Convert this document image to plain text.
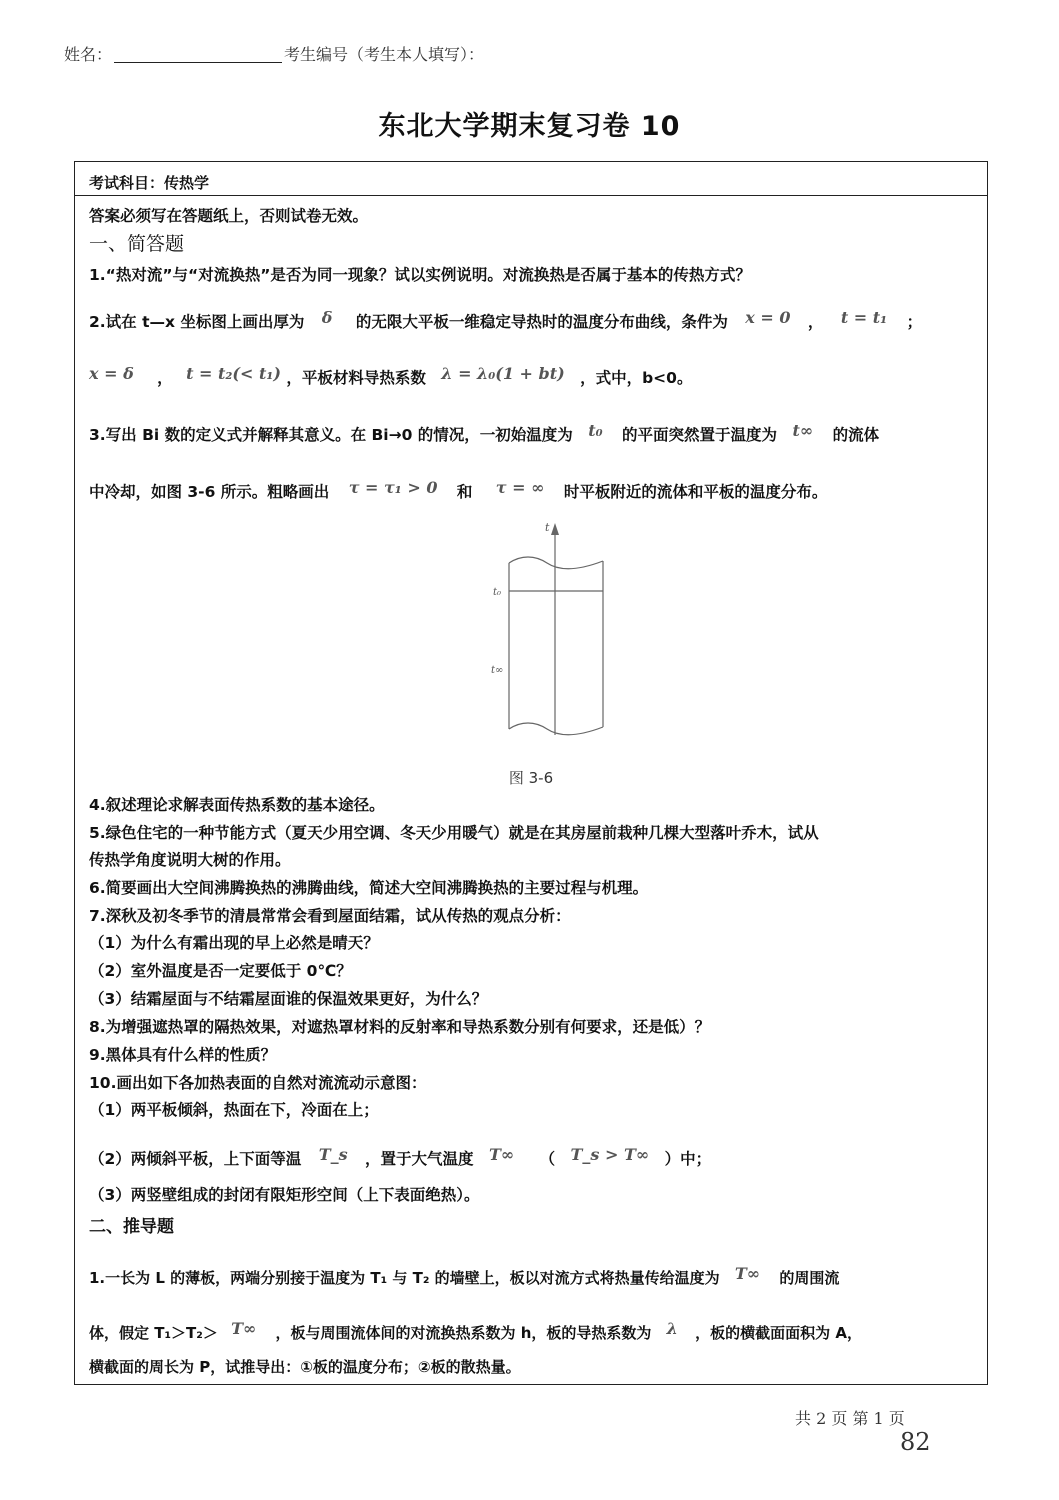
姓名：	考生编号（考生本人填写）：
东北大学期末复习卷 10
考试科目：传热学
答案必须写在答题纸上，否则试卷无效。
一、简答题
1.“热对流”与“对流换热”是否为同一现象？试以实例说明。对流换热是否属于基本的传热方式？
2.试在 t—x 坐标图上画出厚为 δ 的无限大平板一维稳定导热时的温度分布曲线，条件为 x = 0 ， t = t₁ ；
x = δ ， t = t₂(< t₁) ，平板材料导热系数 λ = λ₀(1 + bt) ，式中，b<0。
3.写出 Bi 数的定义式并解释其意义。在 Bi→0 的情况，一初始温度为 t₀ 的平面突然置于温度为 t∞ 的流体
中冷却，如图 3-6 所示。粗略画出 τ = τ₁ > 0 和 τ = ∞ 时平板附近的流体和平板的温度分布。
t
t₀
t∞
图 3-6
4.叙述理论求解表面传热系数的基本途径。
5.绿色住宅的一种节能方式（夏天少用空调、冬天少用暖气）就是在其房屋前栽种几棵大型落叶乔木，试从
传热学角度说明大树的作用。
6.简要画出大空间沸腾换热的沸腾曲线，简述大空间沸腾换热的主要过程与机理。
7.深秋及初冬季节的清晨常常会看到屋面结霜，试从传热的观点分析：
（1）为什么有霜出现的早上必然是晴天？
（2）室外温度是否一定要低于 0℃？
（3）结霜屋面与不结霜屋面谁的保温效果更好，为什么？
8.为增强遮热罩的隔热效果，对遮热罩材料的反射率和导热系数分别有何要求，还是低）？
9.黑体具有什么样的性质？
10.画出如下各加热表面的自然对流流动示意图：
（1）两平板倾斜，热面在下，冷面在上；
（2）两倾斜平板，上下面等温 T_s ，置于大气温度 T∞ （ T_s > T∞ ）中；
（3）两竖壁组成的封闭有限矩形空间（上下表面绝热）。
二、推导题
1.一长为 L 的薄板，两端分别接于温度为 T₁ 与 T₂ 的墙壁上，板以对流方式将热量传给温度为 T∞ 的周围流
体，假定 T₁＞T₂＞ T∞ ，板与周围流体间的对流换热系数为 h，板的导热系数为 λ ，板的横截面面积为 A，
横截面的周长为 P，试推导出：①板的温度分布；②板的散热量。
共 2 页 第 1 页
82
